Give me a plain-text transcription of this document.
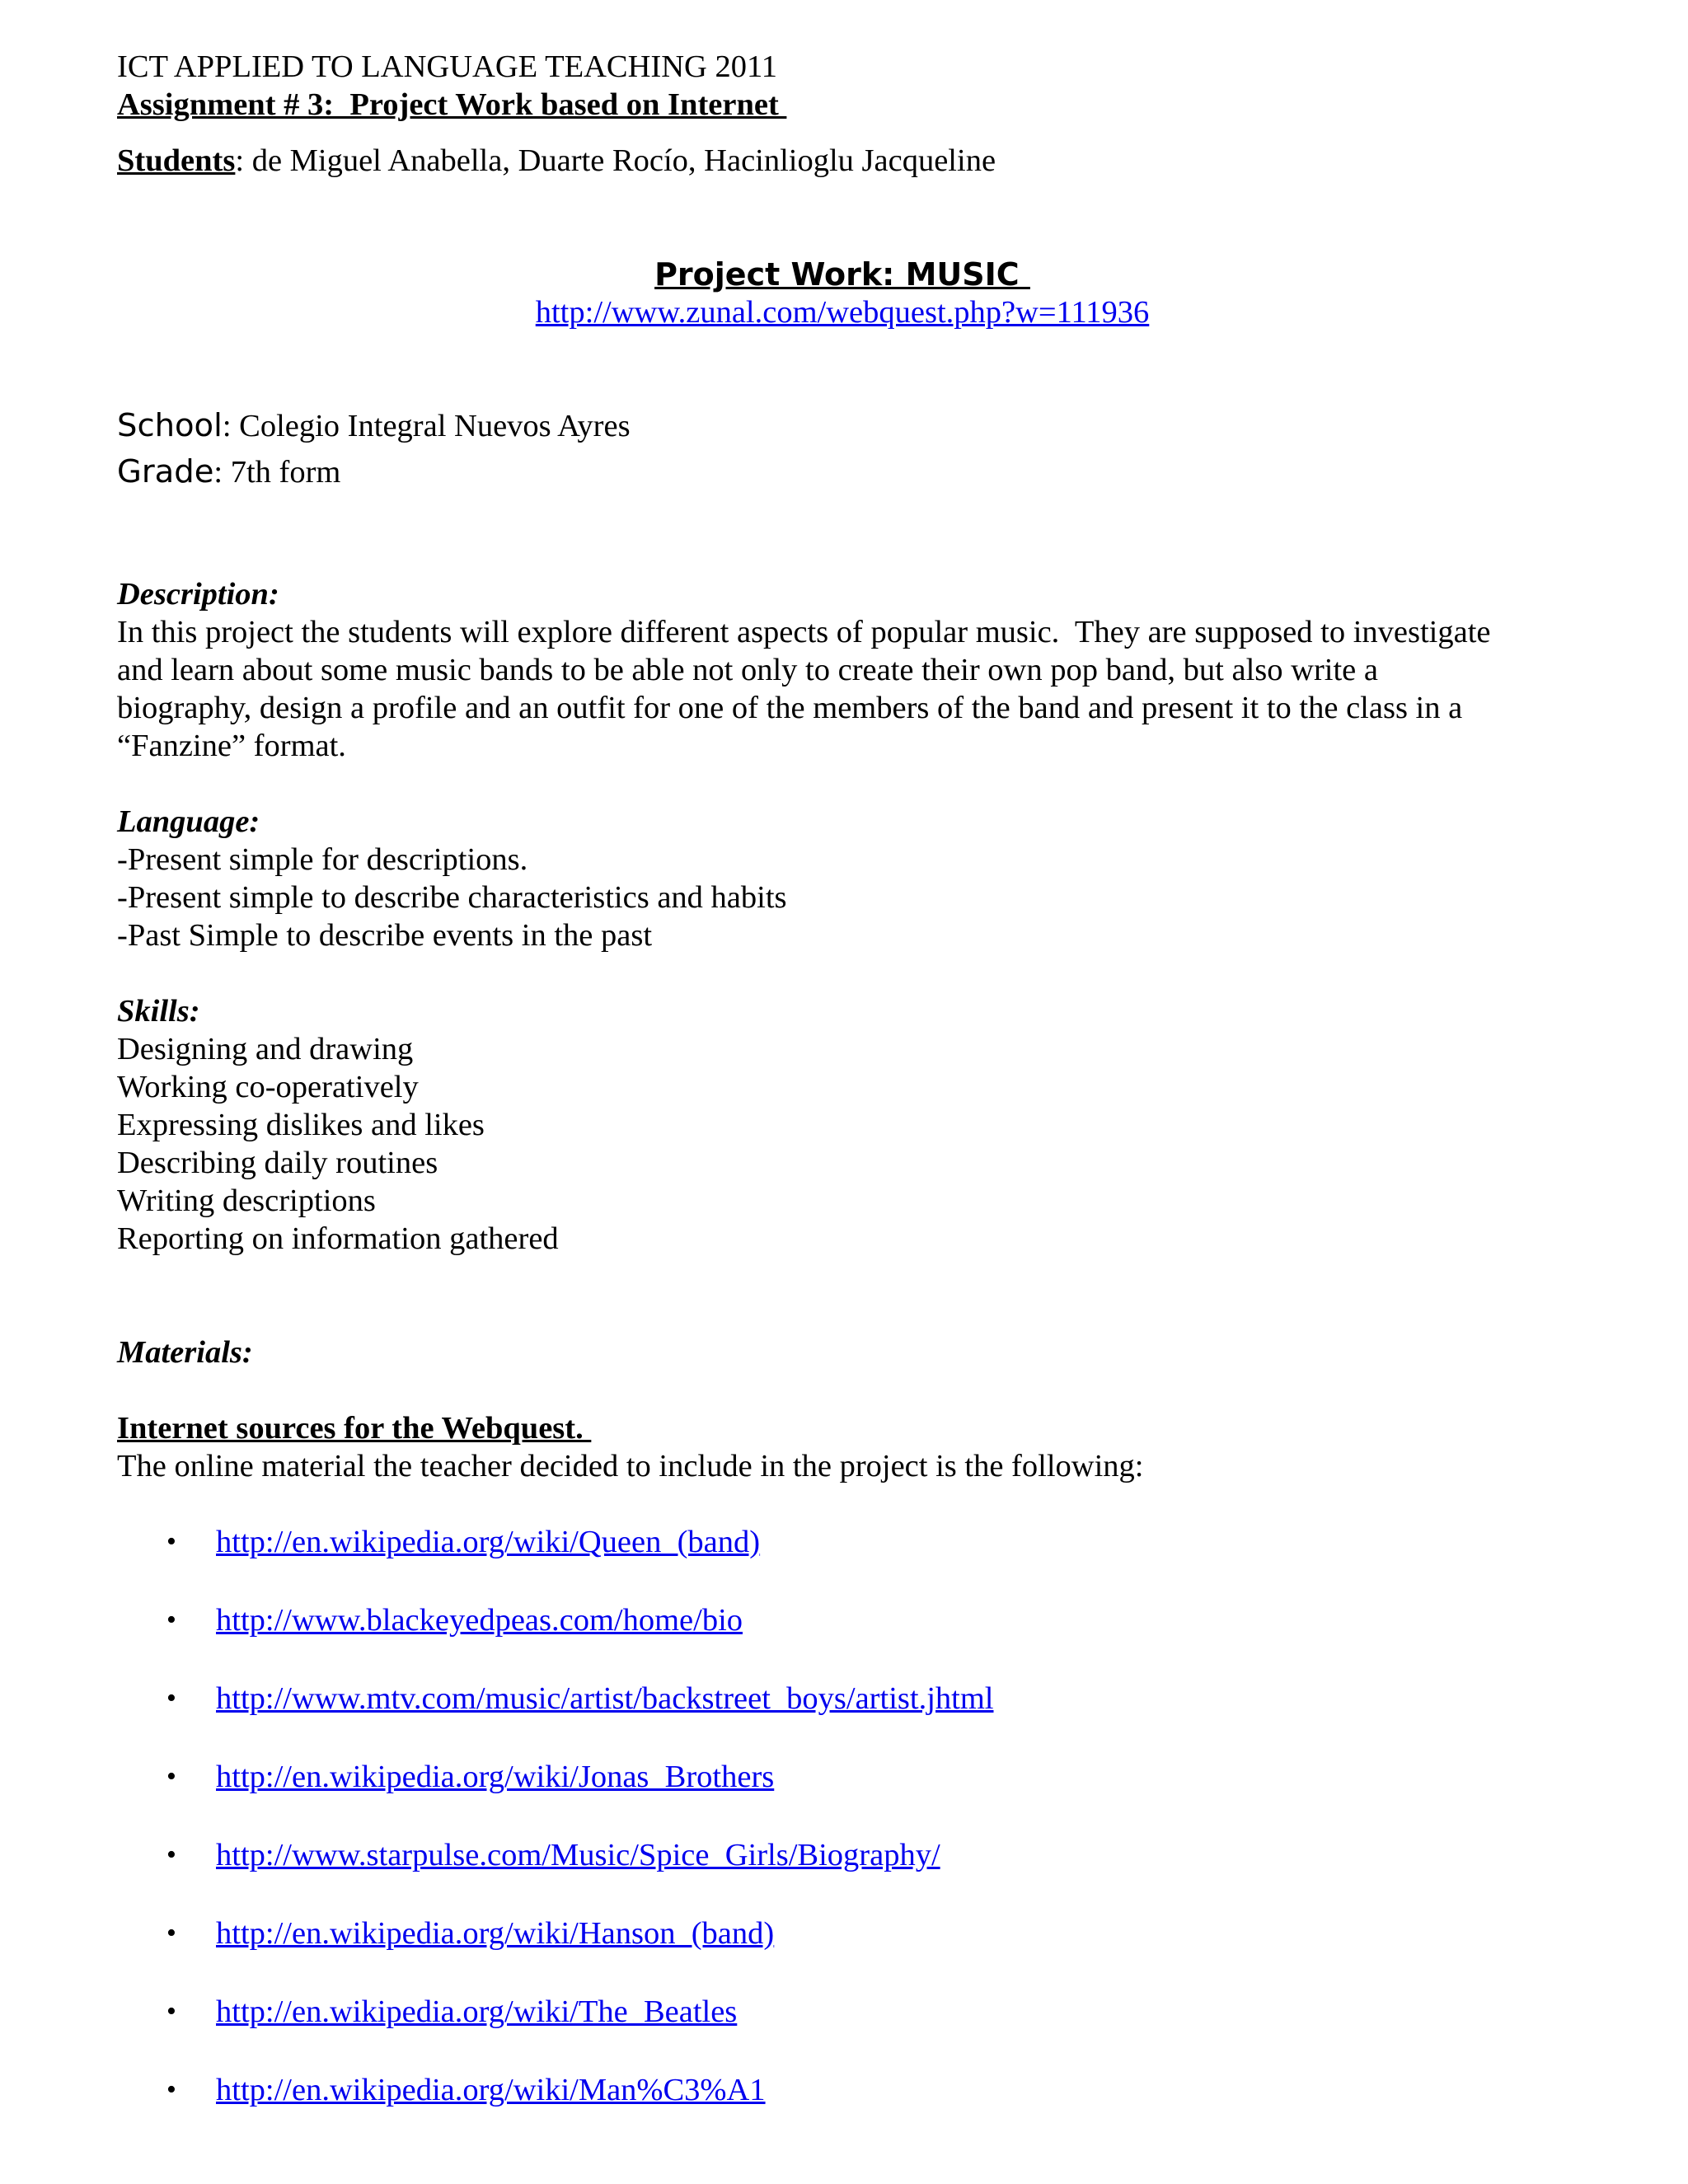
ICT APPLIED TO LANGUAGE TEACHING 2011
Assignment # 3:  Project Work based on Internet
Students: de Miguel Anabella, Duarte Rocío, Hacinlioglu Jacqueline
Project Work: MUSIC
http://www.zunal.com/webquest.php?w=111936
School: Colegio Integral Nuevos Ayres
Grade: 7th form
Description:
In this project the students will explore different aspects of popular music.  They are supposed to investigate
and learn about some music bands to be able not only to create their own pop band, but also write a
biography, design a profile and an outfit for one of the members of the band and present it to the class in a
“Fanzine” format.
Language:
-Present simple for descriptions.
-Present simple to describe characteristics and habits
-Past Simple to describe events in the past
Skills:
Designing and drawing
Working co-operatively
Expressing dislikes and likes
Describing daily routines
Writing descriptions
Reporting on information gathered
Materials:
Internet sources for the Webquest.
The online material the teacher decided to include in the project is the following:
• http://en.wikipedia.org/wiki/Queen_(band)
• http://www.blackeyedpeas.com/home/bio
• http://www.mtv.com/music/artist/backstreet_boys/artist.jhtml
• http://en.wikipedia.org/wiki/Jonas_Brothers
• http://www.starpulse.com/Music/Spice_Girls/Biography/
• http://en.wikipedia.org/wiki/Hanson_(band)
• http://en.wikipedia.org/wiki/The_Beatles
• http://en.wikipedia.org/wiki/Man%C3%A1
